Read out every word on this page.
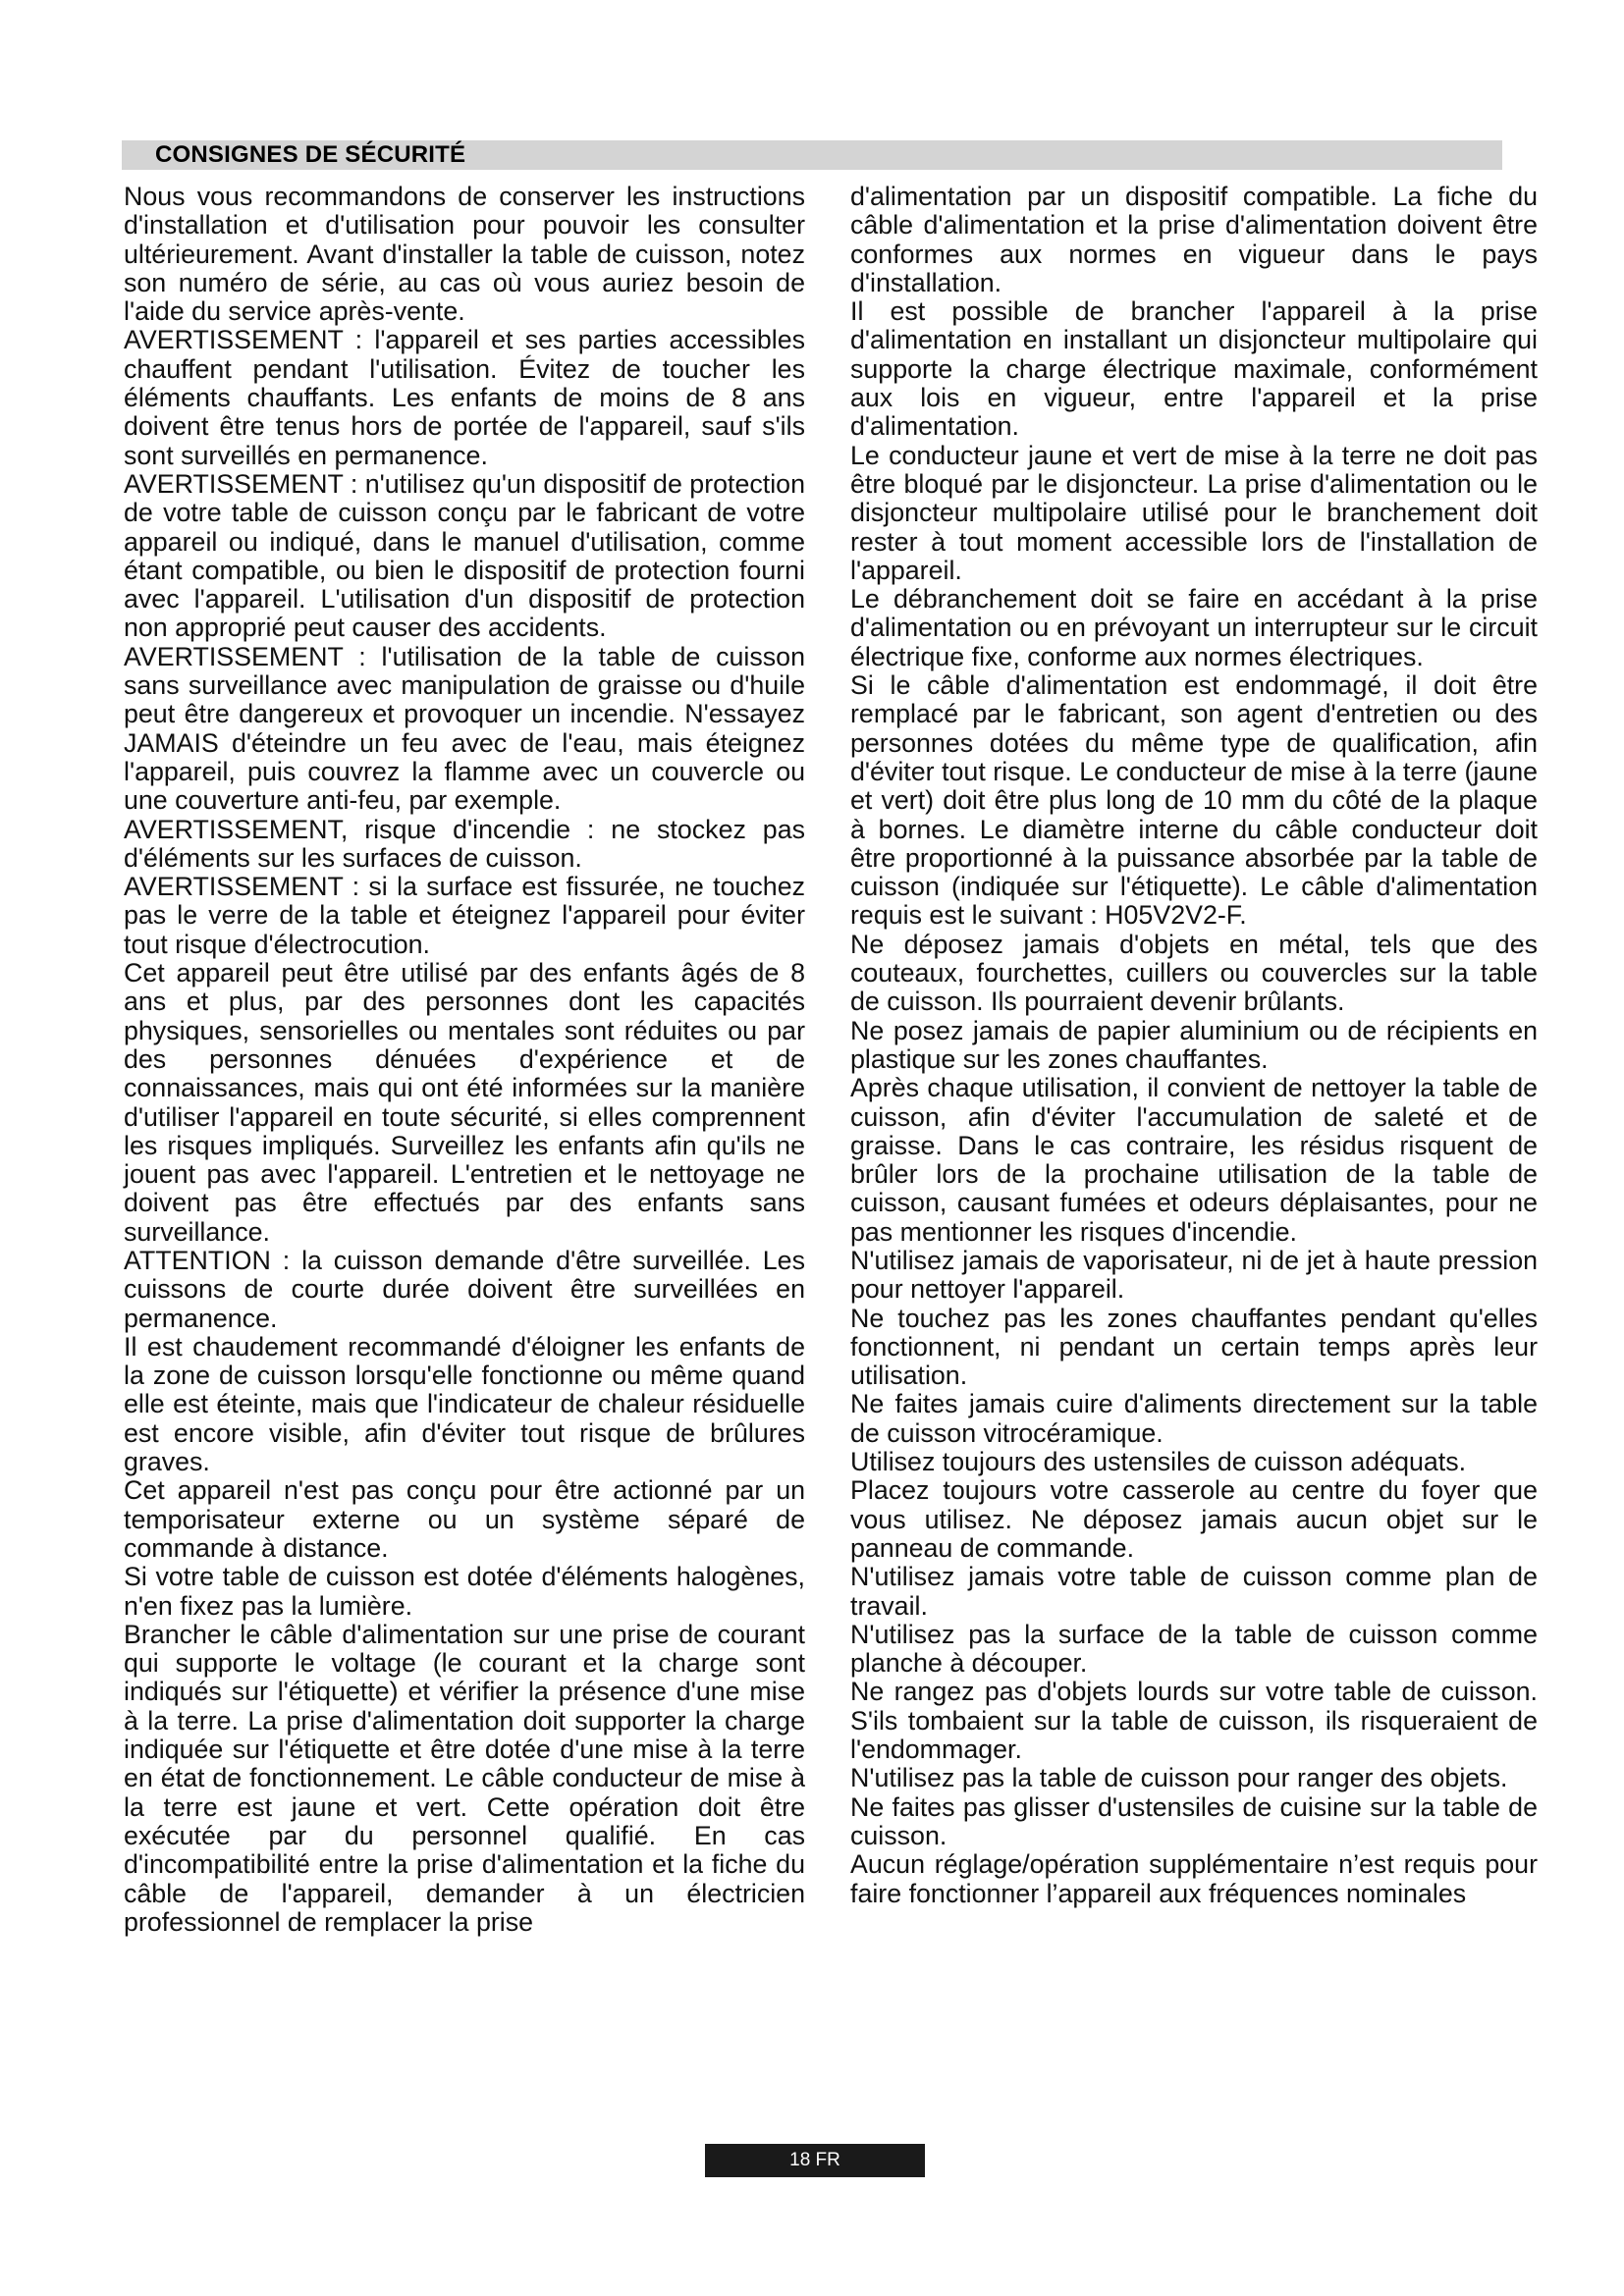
CONSIGNES DE SÉCURITÉ

Nous vous recommandons de conserver les instructions d'installation et d'utilisation pour pouvoir les consulter ultérieurement. Avant d'installer la table de cuisson, notez son numéro de série, au cas où vous auriez besoin de l'aide du service après-vente.

AVERTISSEMENT : l'appareil et ses parties accessibles chauffent pendant l'utilisation. Évitez de toucher les éléments chauffants. Les enfants de moins de 8 ans doivent être tenus hors de portée de l'appareil, sauf s'ils sont surveillés en permanence.

AVERTISSEMENT : n'utilisez qu'un dispositif de protection de votre table de cuisson conçu par le fabricant de votre appareil ou indiqué, dans le manuel d'utilisation, comme étant compatible, ou bien le dispositif de protection fourni avec l'appareil. L'utilisation d'un dispositif de protection non approprié peut causer des accidents.

AVERTISSEMENT : l'utilisation de la table de cuisson sans surveillance avec manipulation de graisse ou d'huile peut être dangereux et provoquer un incendie. N'essayez JAMAIS d'éteindre un feu avec de l'eau, mais éteignez l'appareil, puis couvrez la flamme avec un couvercle ou une couverture anti-feu, par exemple.

AVERTISSEMENT, risque d'incendie : ne stockez pas d'éléments sur les surfaces de cuisson.

AVERTISSEMENT : si la surface est fissurée, ne touchez pas le verre de la table et éteignez l'appareil pour éviter tout risque d'électrocution.

Cet appareil peut être utilisé par des enfants âgés de 8 ans et plus, par des personnes dont les capacités physiques, sensorielles ou mentales sont réduites ou par des personnes dénuées d'expérience et de connaissances, mais qui ont été informées sur la manière d'utiliser l'appareil en toute sécurité, si elles comprennent les risques impliqués. Surveillez les enfants afin qu'ils ne jouent pas avec l'appareil. L'entretien et le nettoyage ne doivent pas être effectués par des enfants sans surveillance.

ATTENTION : la cuisson demande d'être surveillée. Les cuissons de courte durée doivent être surveillées en permanence.

Il est chaudement recommandé d'éloigner les enfants de la zone de cuisson lorsqu'elle fonctionne ou même quand elle est éteinte, mais que l'indicateur de chaleur résiduelle est encore visible, afin d'éviter tout risque de brûlures graves.

Cet appareil n'est pas conçu pour être actionné par un temporisateur externe ou un système séparé de commande à distance.

Si votre table de cuisson est dotée d'éléments halogènes, n'en fixez pas la lumière.

Brancher le câble d'alimentation sur une prise de courant qui supporte le voltage (le courant et la charge sont indiqués sur l'étiquette) et vérifier la présence d'une mise à la terre. La prise d'alimentation doit supporter la charge indiquée sur l'étiquette et être dotée d'une mise à la terre en état de fonctionnement. Le câble conducteur de mise à la terre est jaune et vert. Cette opération doit être exécutée par du personnel qualifié. En cas d'incompatibilité entre la prise d'alimentation et la fiche du câble de l'appareil, demander à un électricien professionnel de remplacer la prise

d'alimentation par un dispositif compatible. La fiche du câble d'alimentation et la prise d'alimentation doivent être conformes aux normes en vigueur dans le pays d'installation.

Il est possible de brancher l'appareil à la prise d'alimentation en installant un disjoncteur multipolaire qui supporte la charge électrique maximale, conformément aux lois en vigueur, entre l'appareil et la prise d'alimentation.

Le conducteur jaune et vert de mise à la terre ne doit pas être bloqué par le disjoncteur. La prise d'alimentation ou le disjoncteur multipolaire utilisé pour le branchement doit rester à tout moment accessible lors de l'installation de l'appareil.

Le débranchement doit se faire en accédant à la prise d'alimentation ou en prévoyant un interrupteur sur le circuit électrique fixe, conforme aux normes électriques.

Si le câble d'alimentation est endommagé, il doit être remplacé par le fabricant, son agent d'entretien ou des personnes dotées du même type de qualification, afin d'éviter tout risque. Le conducteur de mise à la terre (jaune et vert) doit être plus long de 10 mm du côté de la plaque à bornes. Le diamètre interne du câble conducteur doit être proportionné à la puissance absorbée par la table de cuisson (indiquée sur l'étiquette). Le câble d'alimentation requis est le suivant : H05V2V2-F.

Ne déposez jamais d'objets en métal, tels que des couteaux, fourchettes, cuillers ou couvercles sur la table de cuisson. Ils pourraient devenir brûlants.

Ne posez jamais de papier aluminium ou de récipients en plastique sur les zones chauffantes.

Après chaque utilisation, il convient de nettoyer la table de cuisson, afin d'éviter l'accumulation de saleté et de graisse. Dans le cas contraire, les résidus risquent de brûler lors de la prochaine utilisation de la table de cuisson, causant fumées et odeurs déplaisantes, pour ne pas mentionner les risques d'incendie.

N'utilisez jamais de vaporisateur, ni de jet à haute pression pour nettoyer l'appareil.

Ne touchez pas les zones chauffantes pendant qu'elles fonctionnent, ni pendant un certain temps après leur utilisation.

Ne faites jamais cuire d'aliments directement sur la table de cuisson vitrocéramique.

Utilisez toujours des ustensiles de cuisson adéquats.

Placez toujours votre casserole au centre du foyer que vous utilisez. Ne déposez jamais aucun objet sur le panneau de commande.

N'utilisez jamais votre table de cuisson comme plan de travail.

N'utilisez pas la surface de la table de cuisson comme planche à découper.

Ne rangez pas d'objets lourds sur votre table de cuisson. S'ils tombaient sur la table de cuisson, ils risqueraient de l'endommager.

N'utilisez pas la table de cuisson pour ranger des objets.

Ne faites pas glisser d'ustensiles de cuisine sur la table de cuisson.

Aucun réglage/opération supplémentaire n’est requis pour faire fonctionner l’appareil aux fréquences nominales

18 FR
